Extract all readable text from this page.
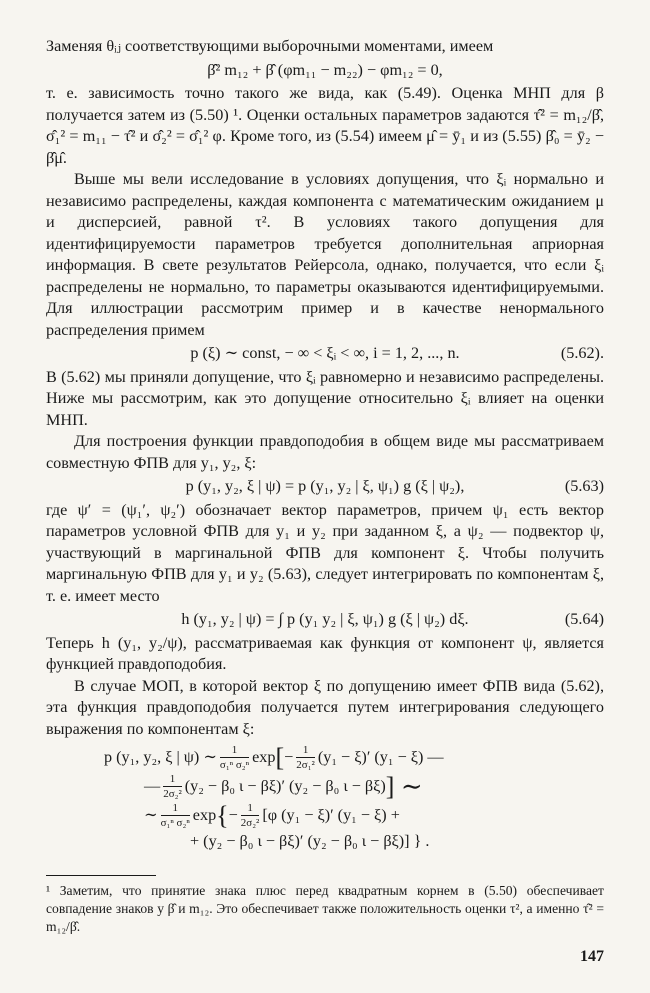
Заменяя θᵢⱼ соответствующими выборочными моментами, имеем

β̂² m₁₂ + β̂ (φm₁₁ − m₂₂) − φm₁₂ = 0,

т. е. зависимость точно такого же вида, как (5.49). Оценка МНП для β получается затем из (5.50) ¹. Оценки остальных параметров задаются τ̂² = m₁₂/β̂, σ̂₁² = m₁₁ − τ̂² и σ̂₂² = σ̂₁² φ. Кроме того, из (5.54) имеем μ̂ = ȳ₁ и из (5.55) β̂₀ = ȳ₂ − β̂μ̂.

Выше мы вели исследование в условиях допущения, что ξᵢ нормально и независимо распределены, каждая компонента с математическим ожиданием μ и дисперсией, равной τ². В условиях такого допущения для идентифицируемости параметров требуется дополнительная априорная информация. В свете результатов Рейерсола, однако, получается, что если ξᵢ распределены не нормально, то параметры оказываются идентифицируемыми. Для иллюстрации рассмотрим пример и в качестве ненормального распределения примем

p (ξ) ∼ const, − ∞ < ξᵢ < ∞, i = 1, 2, ..., n.	(5.62).

В (5.62) мы приняли допущение, что ξᵢ равномерно и независимо распределены. Ниже мы рассмотрим, как это допущение относительно ξᵢ влияет на оценки МНП.

Для построения функции правдоподобия в общем виде мы рассматриваем совместную ФПВ для y₁, y₂, ξ:

p (y₁, y₂, ξ | ψ) = p (y₁, y₂ | ξ, ψ₁) g (ξ | ψ₂),	(5.63)

где ψ′ = (ψ₁′, ψ₂′) обозначает вектор параметров, причем ψ₁ есть вектор параметров условной ФПВ для y₁ и y₂ при заданном ξ, а ψ₂ — подвектор ψ, участвующий в маргинальной ФПВ для компонент ξ. Чтобы получить маргинальную ФПВ для y₁ и y₂ (5.63), следует интегрировать по компонентам ξ, т. е. имеет место

h (y₁, y₂ | ψ) = ∫ p (y₁ y₂ | ξ, ψ₁) g (ξ | ψ₂) dξ.	(5.64)

Теперь h (y₁, y₂/ψ), рассматриваемая как функция от компонент ψ, является функцией правдоподобия.

В случае МОП, в которой вектор ξ по допущению имеет ФПВ вида (5.62), эта функция правдоподобия получается путем интегрирования следующего выражения по компонентам ξ:

p (y₁, y₂, ξ | ψ) ∼ $\frac{1}{\text{σ₁ⁿ σ₂ⁿ}}$ exp [ − $\frac{1}{\text{2σ₁²}} (y_1 - \xi)'$ (y₁ − ξ) —
— $\frac{1}{\text{2σ₂²}} (y_2 - \beta_0$ ι − βξ)′ (y₂ − β₀ ι − βξ) ] ∼
∼ $\frac{1}{\text{σ₁ⁿ σ₂ⁿ}}$ exp { − $\frac{1}{\text{2σ₂²}} [\varphi$ (y₁ − ξ)′ (y₁ − ξ) +
+ (y₂ − β₀ ι − βξ)′ (y₂ − β₀ ι − βξ)] } .

¹ Заметим, что принятие знака плюс перед квадратным корнем в (5.50) обеспечивает совпадение знаков у β̂ и m₁₂. Это обеспечивает также положительность оценки τ², а именно τ̂² = m₁₂/β̂.

147
